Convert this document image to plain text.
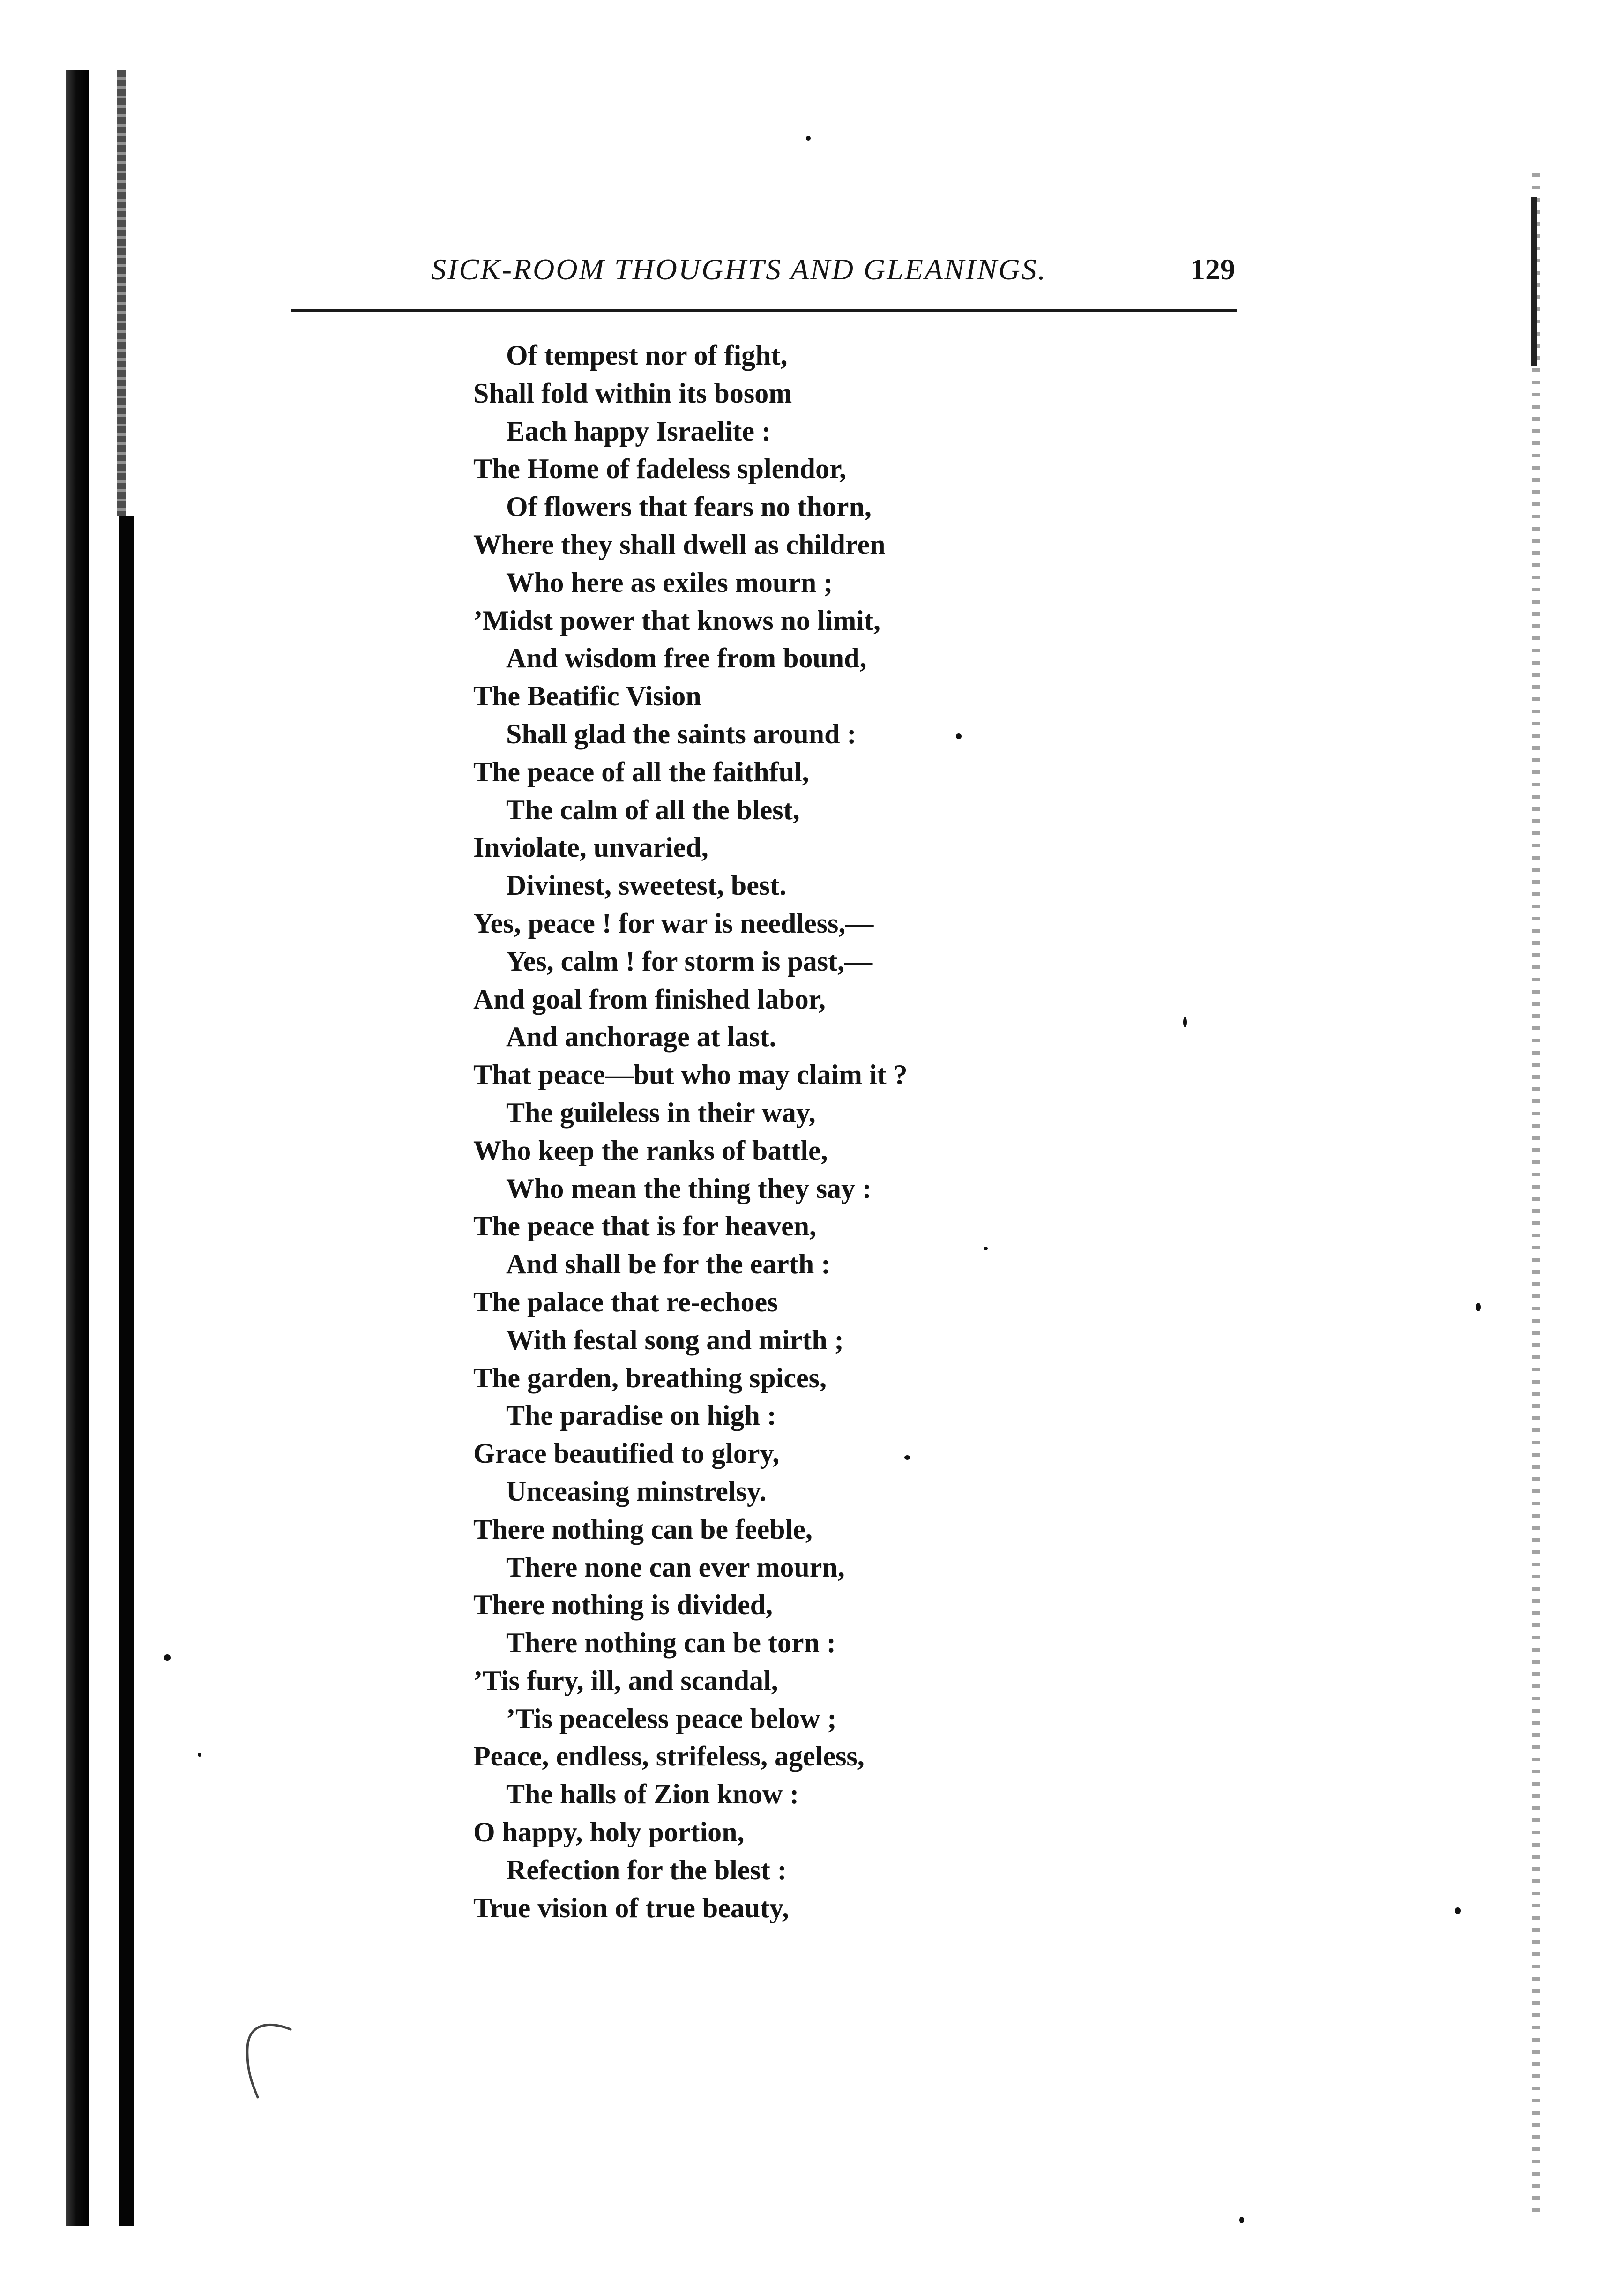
SICK-ROOM THOUGHTS AND GLEANINGS.	129
Of tempest nor of fight,
Shall fold within its bosom
Each happy Israelite :
The Home of fadeless splendor,
Of flowers that fears no thorn,
Where they shall dwell as children
Who here as exiles mourn ;
’Midst power that knows no limit,
And wisdom free from bound,
The Beatific Vision
Shall glad the saints around :
The peace of all the faithful,
The calm of all the blest,
Inviolate, unvaried,
Divinest, sweetest, best.
Yes, peace ! for war is needless,—
Yes, calm ! for storm is past,—
And goal from finished labor,
And anchorage at last.
That peace—but who may claim it ?
The guileless in their way,
Who keep the ranks of battle,
Who mean the thing they say :
The peace that is for heaven,
And shall be for the earth :
The palace that re-echoes
With festal song and mirth ;
The garden, breathing spices,
The paradise on high :
Grace beautified to glory,
Unceasing minstrelsy.
There nothing can be feeble,
There none can ever mourn,
There nothing is divided,
There nothing can be torn :
’Tis fury, ill, and scandal,
’Tis peaceless peace below ;
Peace, endless, strifeless, ageless,
The halls of Zion know :
O happy, holy portion,
Refection for the blest :
True vision of true beauty,
